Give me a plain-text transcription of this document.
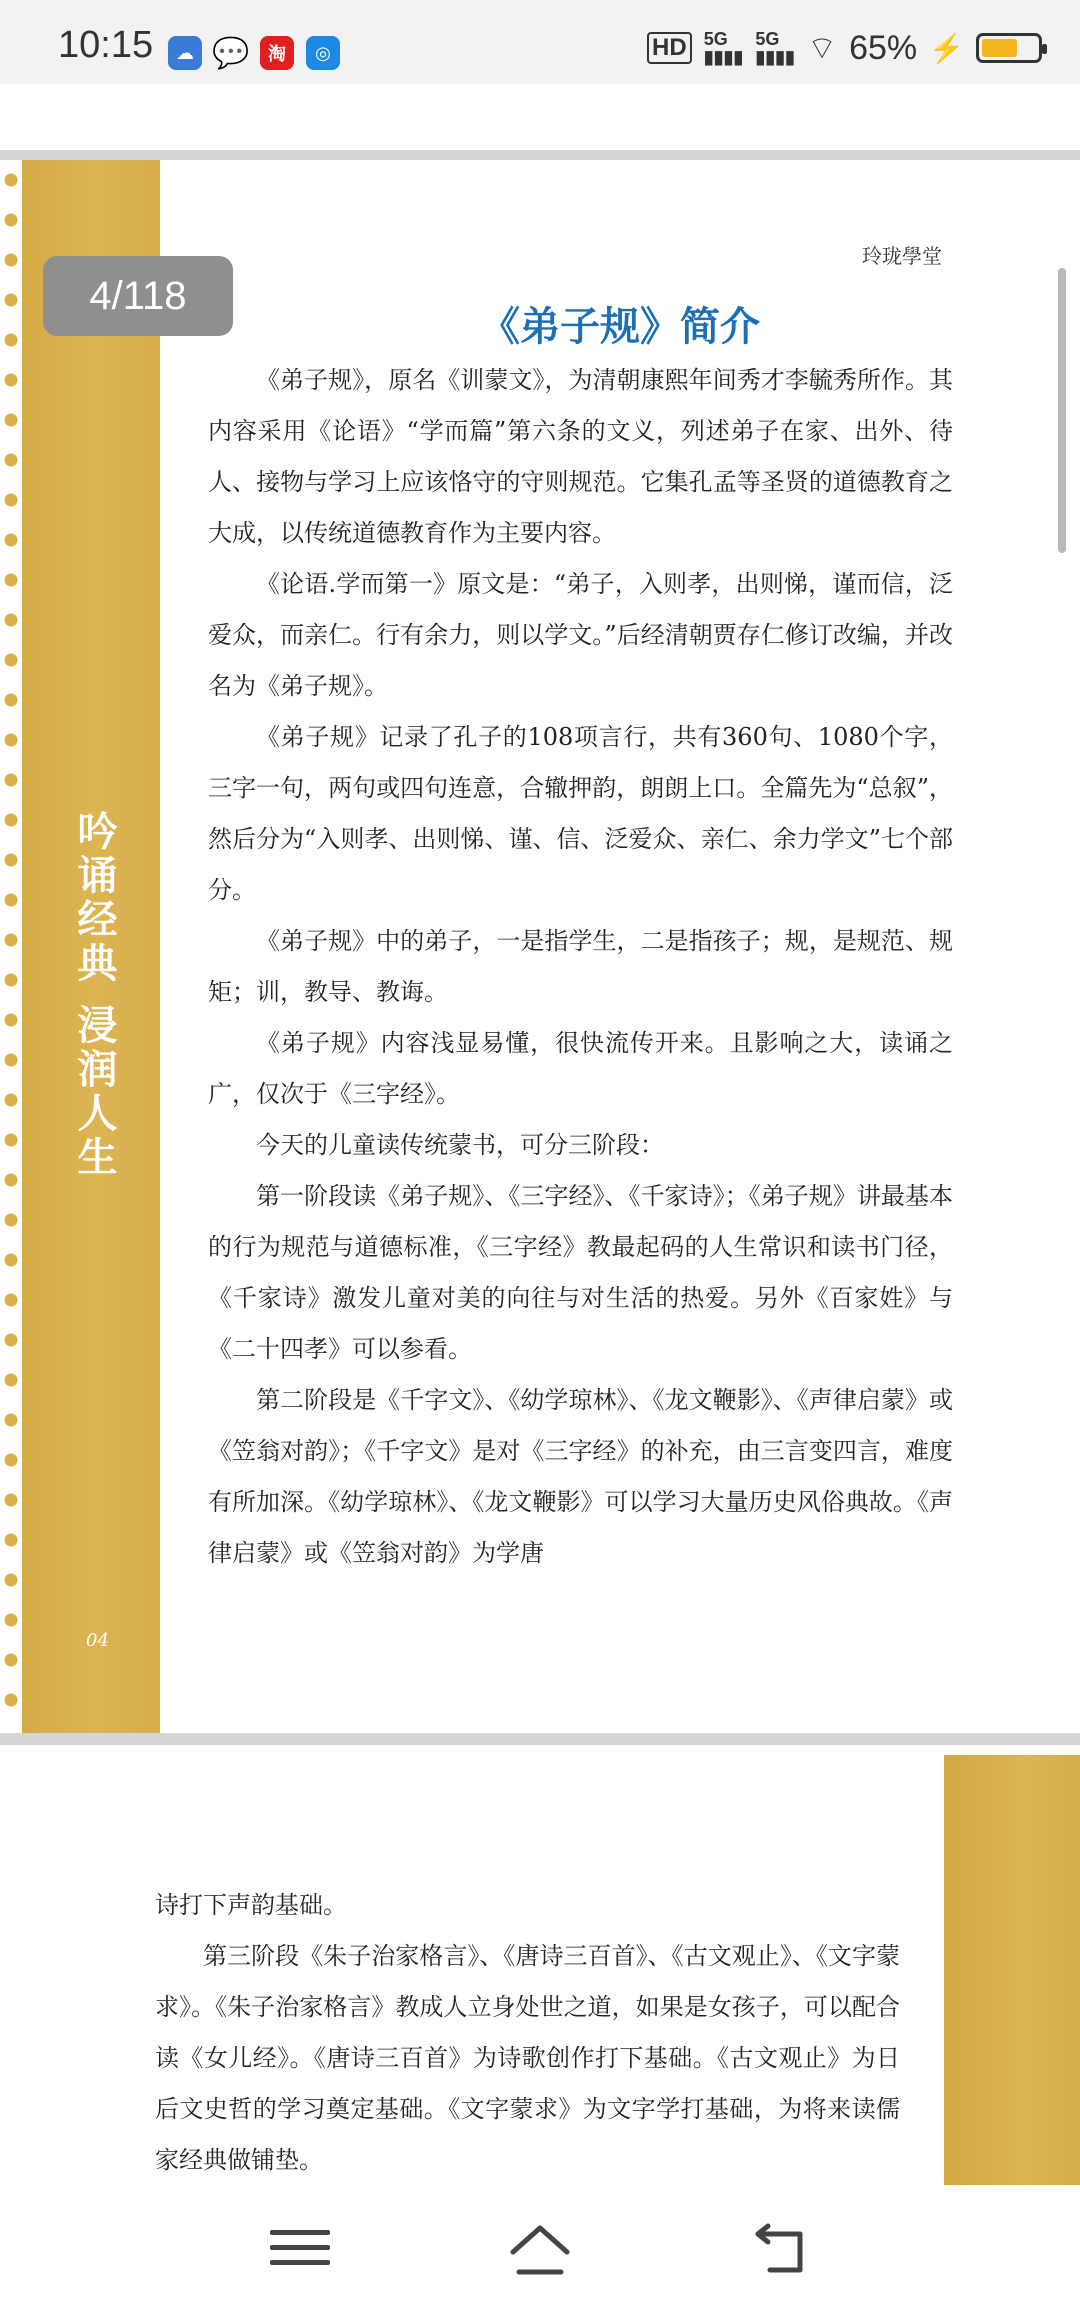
10:15	☁ 💬	淘	◎	HD 5G
▮▮▮▮
5G
▮▮▮▮ ⌔ 65% ⚡
吟诵经典 浸润人生
04
4/118
玲珑學堂
《弟子规》简介

《弟子规》，原名《训蒙文》，为清朝康熙年间秀才李毓秀所作。其内容采用《论语》“学而篇”第六条的文义，列述弟子在家、出外、待人、接物与学习上应该恪守的守则规范。它集孔孟等圣贤的道德教育之大成，以传统道德教育作为主要内容。

《论语.学而第一》原文是：“弟子，入则孝，出则悌，谨而信，泛爱众，而亲仁。行有余力，则以学文。”后经清朝贾存仁修订改编，并改名为《弟子规》。

《弟子规》记录了孔子的108项言行，共有360句、1080个字，三字一句，两句或四句连意，合辙押韵，朗朗上口。全篇先为“总叙”，然后分为“入则孝、出则悌、谨、信、泛爱众、亲仁、余力学文”七个部分。

《弟子规》中的弟子，一是指学生，二是指孩子；规，是规范、规矩；训，教导、教诲。

《弟子规》内容浅显易懂，很快流传开来。且影响之大，读诵之广，仅次于《三字经》。

今天的儿童读传统蒙书，可分三阶段：

第一阶段读《弟子规》、《三字经》、《千家诗》；《弟子规》讲最基本的行为规范与道德标准，《三字经》教最起码的人生常识和读书门径，《千家诗》激发儿童对美的向往与对生活的热爱。另外《百家姓》与《二十四孝》可以参看。

第二阶段是《千字文》、《幼学琼林》、《龙文鞭影》、《声律启蒙》或《笠翁对韵》；《千字文》是对《三字经》的补充，由三言变四言，难度有所加深。《幼学琼林》、《龙文鞭影》可以学习大量历史风俗典故。《声律启蒙》或《笠翁对韵》为学唐

诗打下声韵基础。

第三阶段《朱子治家格言》、《唐诗三百首》、《古文观止》、《文字蒙求》。《朱子治家格言》教成人立身处世之道，如果是女孩子，可以配合读《女儿经》。《唐诗三百首》为诗歌创作打下基础。《古文观止》为日后文史哲的学习奠定基础。《文字蒙求》为文字学打基础，为将来读儒家经典做铺垫。
